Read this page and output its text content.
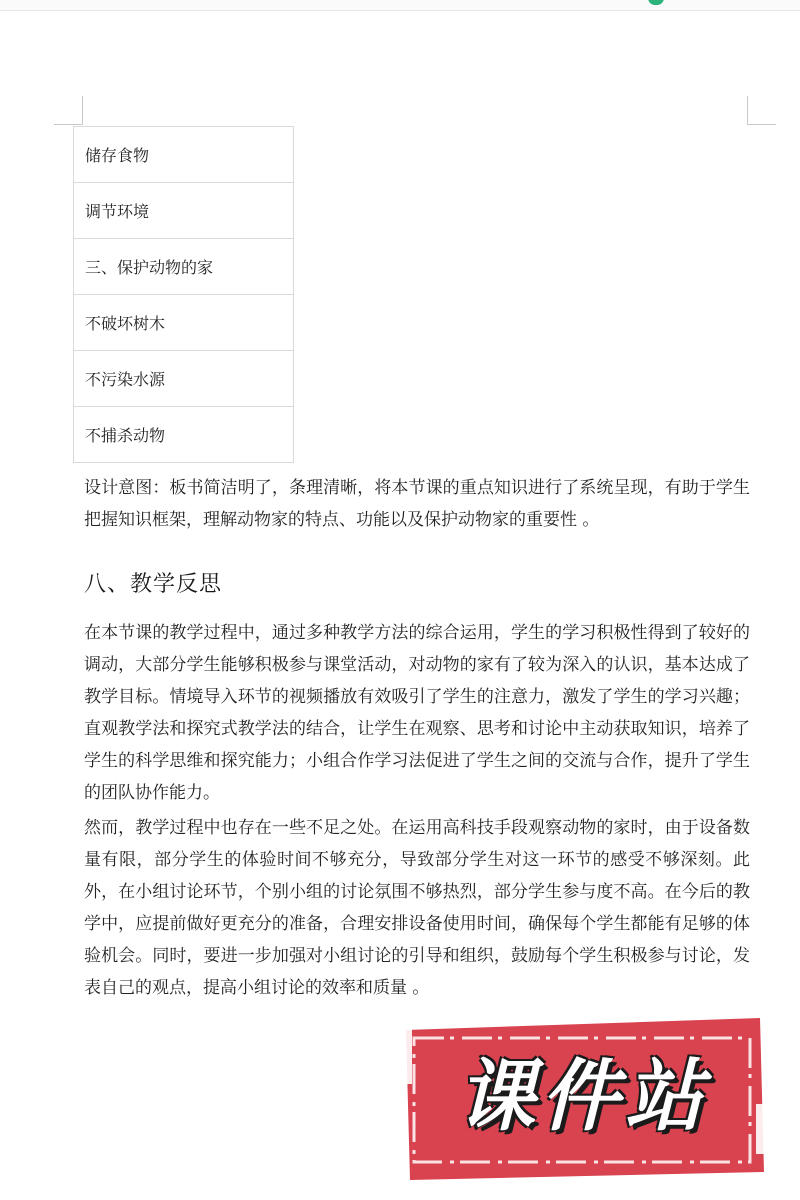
储存食物
调节环境
三、保护动物的家
不破坏树木
不污染水源
不捕杀动物

设计意图：板书简洁明了，条理清晰，将本节课的重点知识进行了系统呈现，有助于学生把握知识框架，理解动物家的特点、功能以及保护动物家的重要性 。

八、教学反思

在本节课的教学过程中，通过多种教学方法的综合运用，学生的学习积极性得到了较好的调动，大部分学生能够积极参与课堂活动，对动物的家有了较为深入的认识，基本达成了教学目标。情境导入环节的视频播放有效吸引了学生的注意力，激发了学生的学习兴趣；直观教学法和探究式教学法的结合，让学生在观察、思考和讨论中主动获取知识，培养了学生的科学思维和探究能力；小组合作学习法促进了学生之间的交流与合作，提升了学生的团队协作能力。

然而，教学过程中也存在一些不足之处。在运用高科技手段观察动物的家时，由于设备数量有限，部分学生的体验时间不够充分，导致部分学生对这一环节的感受不够深刻。此外，在小组讨论环节，个别小组的讨论氛围不够热烈，部分学生参与度不高。在今后的教学中，应提前做好更充分的准备，合理安排设备使用时间，确保每个学生都能有足够的体验机会。同时，要进一步加强对小组讨论的引导和组织，鼓励每个学生积极参与讨论，发表自己的观点，提高小组讨论的效率和质量 。

课件站
